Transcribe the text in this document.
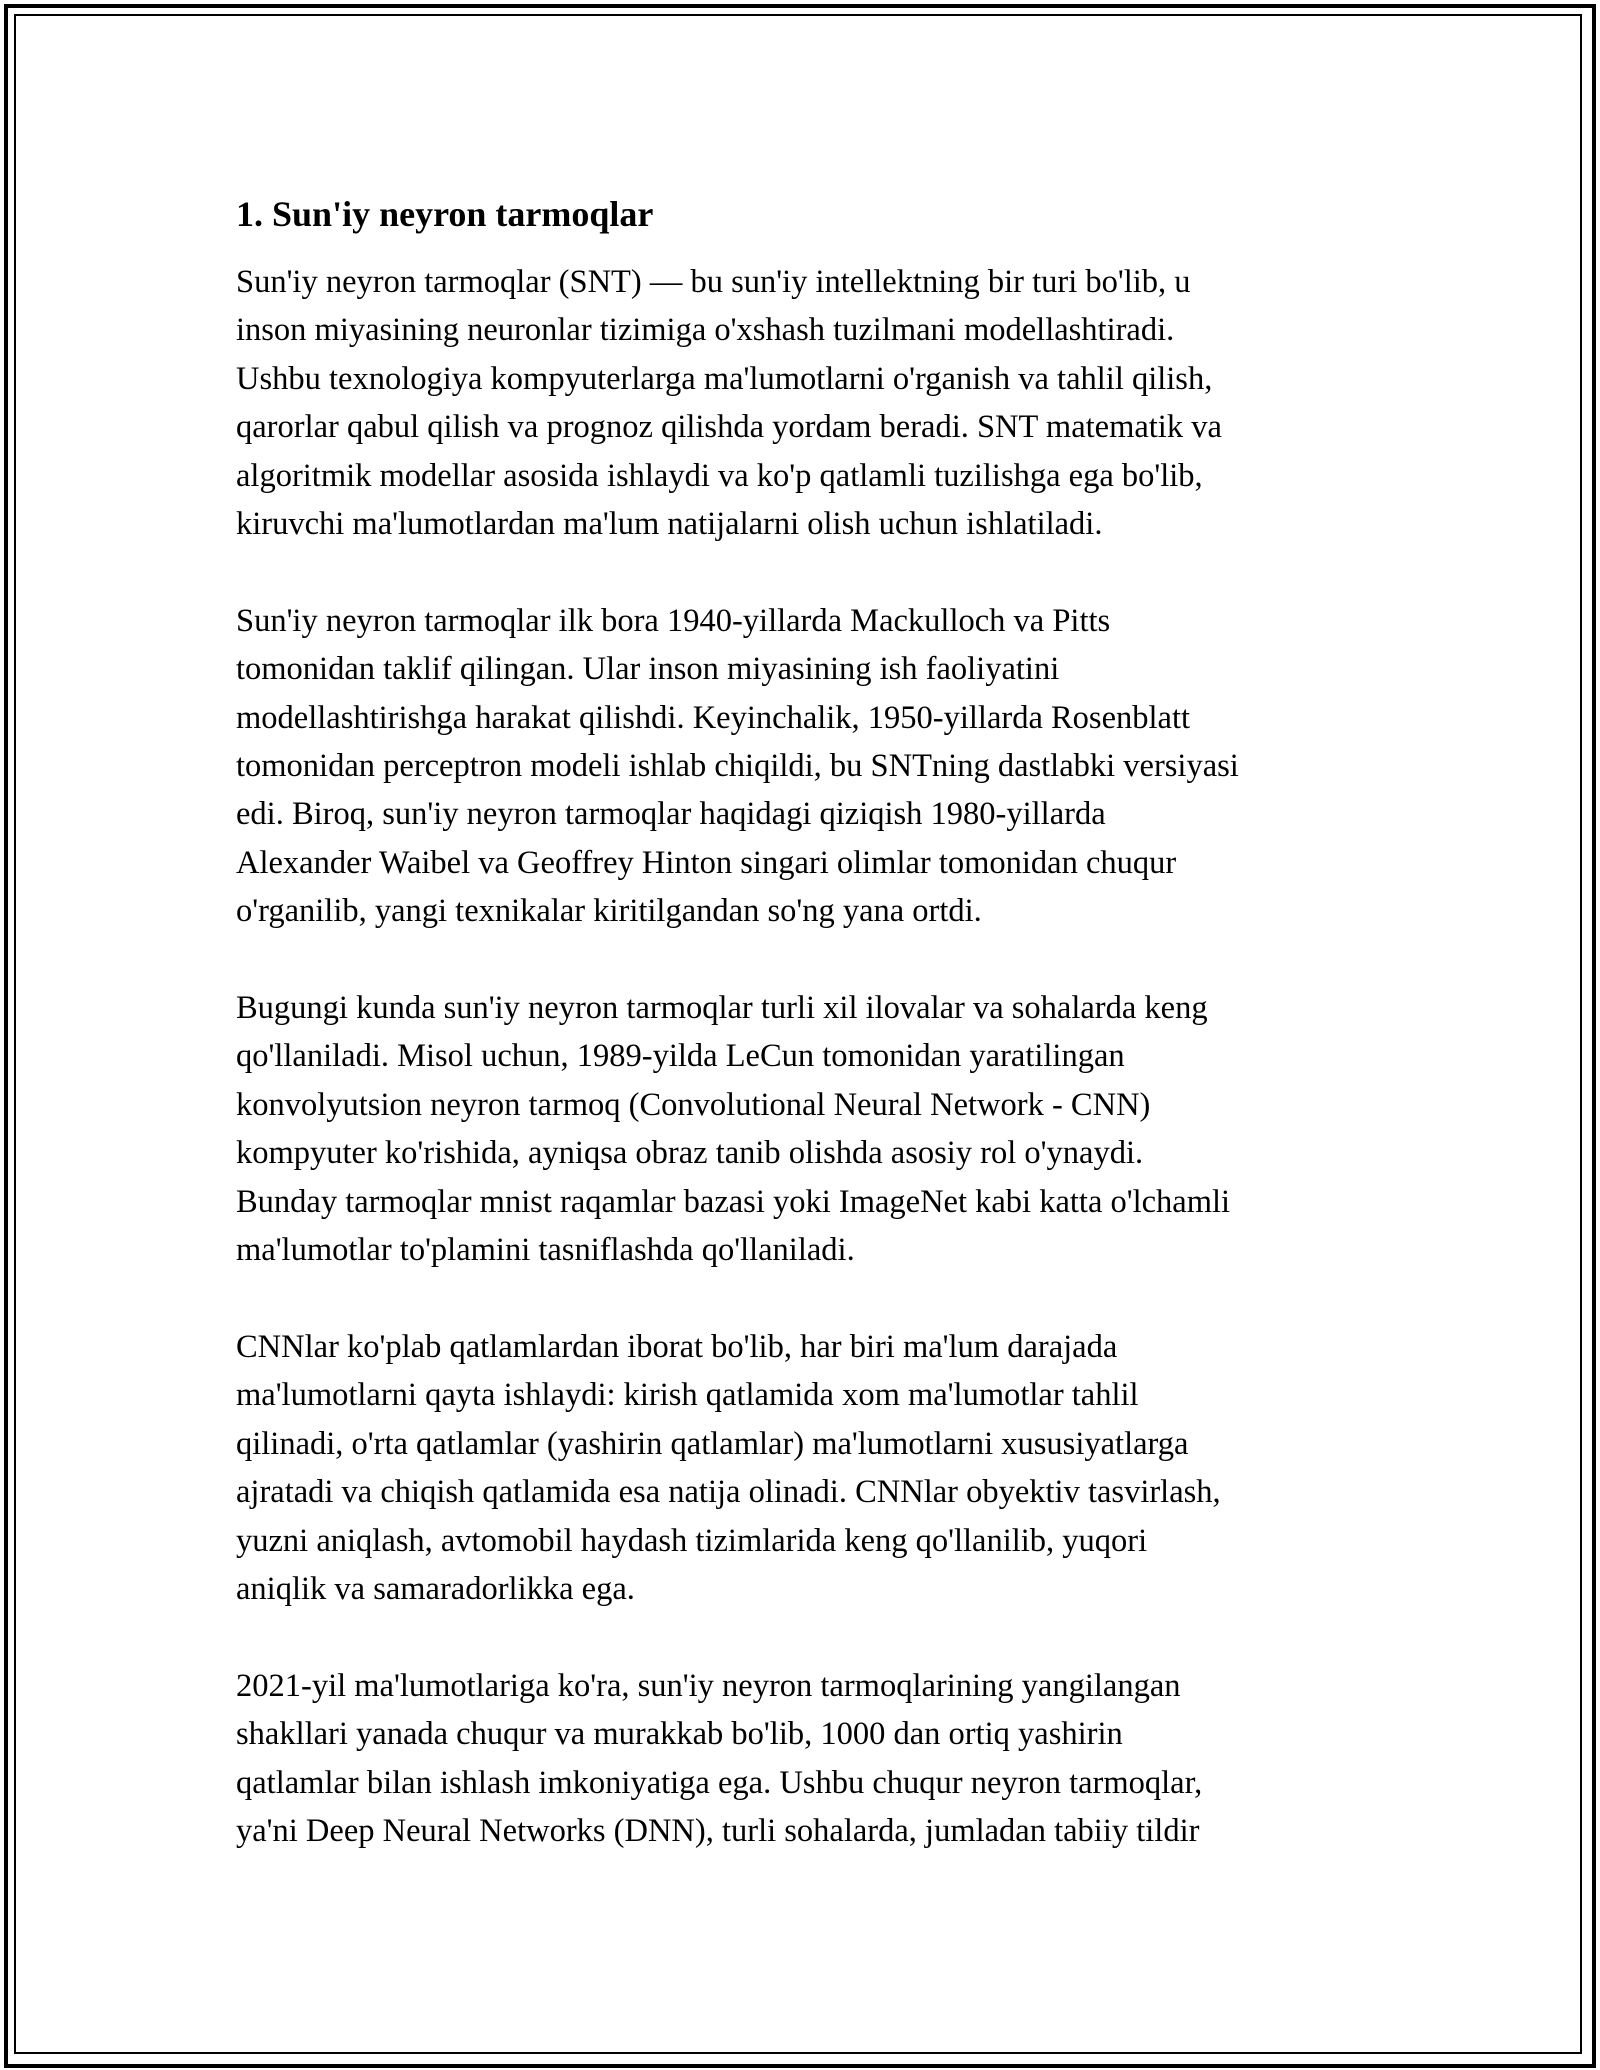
1. Sun'iy neyron tarmoqlar
Sun'iy neyron tarmoqlar (SNT) — bu sun'iy intellektning bir turi bo'lib, u
inson miyasining neuronlar tizimiga o'xshash tuzilmani modellashtiradi.
Ushbu texnologiya kompyuterlarga ma'lumotlarni o'rganish va tahlil qilish,
qarorlar qabul qilish va prognoz qilishda yordam beradi. SNT matematik va
algoritmik modellar asosida ishlaydi va ko'p qatlamli tuzilishga ega bo'lib,
kiruvchi ma'lumotlardan ma'lum natijalarni olish uchun ishlatiladi.
Sun'iy neyron tarmoqlar ilk bora 1940-yillarda Mackulloch va Pitts
tomonidan taklif qilingan. Ular inson miyasining ish faoliyatini
modellashtirishga harakat qilishdi. Keyinchalik, 1950-yillarda Rosenblatt
tomonidan perceptron modeli ishlab chiqildi, bu SNTning dastlabki versiyasi
edi. Biroq, sun'iy neyron tarmoqlar haqidagi qiziqish 1980-yillarda
Alexander Waibel va Geoffrey Hinton singari olimlar tomonidan chuqur
o'rganilib, yangi texnikalar kiritilgandan so'ng yana ortdi.
Bugungi kunda sun'iy neyron tarmoqlar turli xil ilovalar va sohalarda keng
qo'llaniladi. Misol uchun, 1989-yilda LeCun tomonidan yaratilingan
konvolyutsion neyron tarmoq (Convolutional Neural Network - CNN)
kompyuter ko'rishida, ayniqsa obraz tanib olishda asosiy rol o'ynaydi.
Bunday tarmoqlar mnist raqamlar bazasi yoki ImageNet kabi katta o'lchamli
ma'lumotlar to'plamini tasniflashda qo'llaniladi.
CNNlar ko'plab qatlamlardan iborat bo'lib, har biri ma'lum darajada
ma'lumotlarni qayta ishlaydi: kirish qatlamida xom ma'lumotlar tahlil
qilinadi, o'rta qatlamlar (yashirin qatlamlar) ma'lumotlarni xususiyatlarga
ajratadi va chiqish qatlamida esa natija olinadi. CNNlar obyektiv tasvirlash,
yuzni aniqlash, avtomobil haydash tizimlarida keng qo'llanilib, yuqori
aniqlik va samaradorlikka ega.
2021-yil ma'lumotlariga ko'ra, sun'iy neyron tarmoqlarining yangilangan
shakllari yanada chuqur va murakkab bo'lib, 1000 dan ortiq yashirin
qatlamlar bilan ishlash imkoniyatiga ega. Ushbu chuqur neyron tarmoqlar,
ya'ni Deep Neural Networks (DNN), turli sohalarda, jumladan tabiiy tildir
